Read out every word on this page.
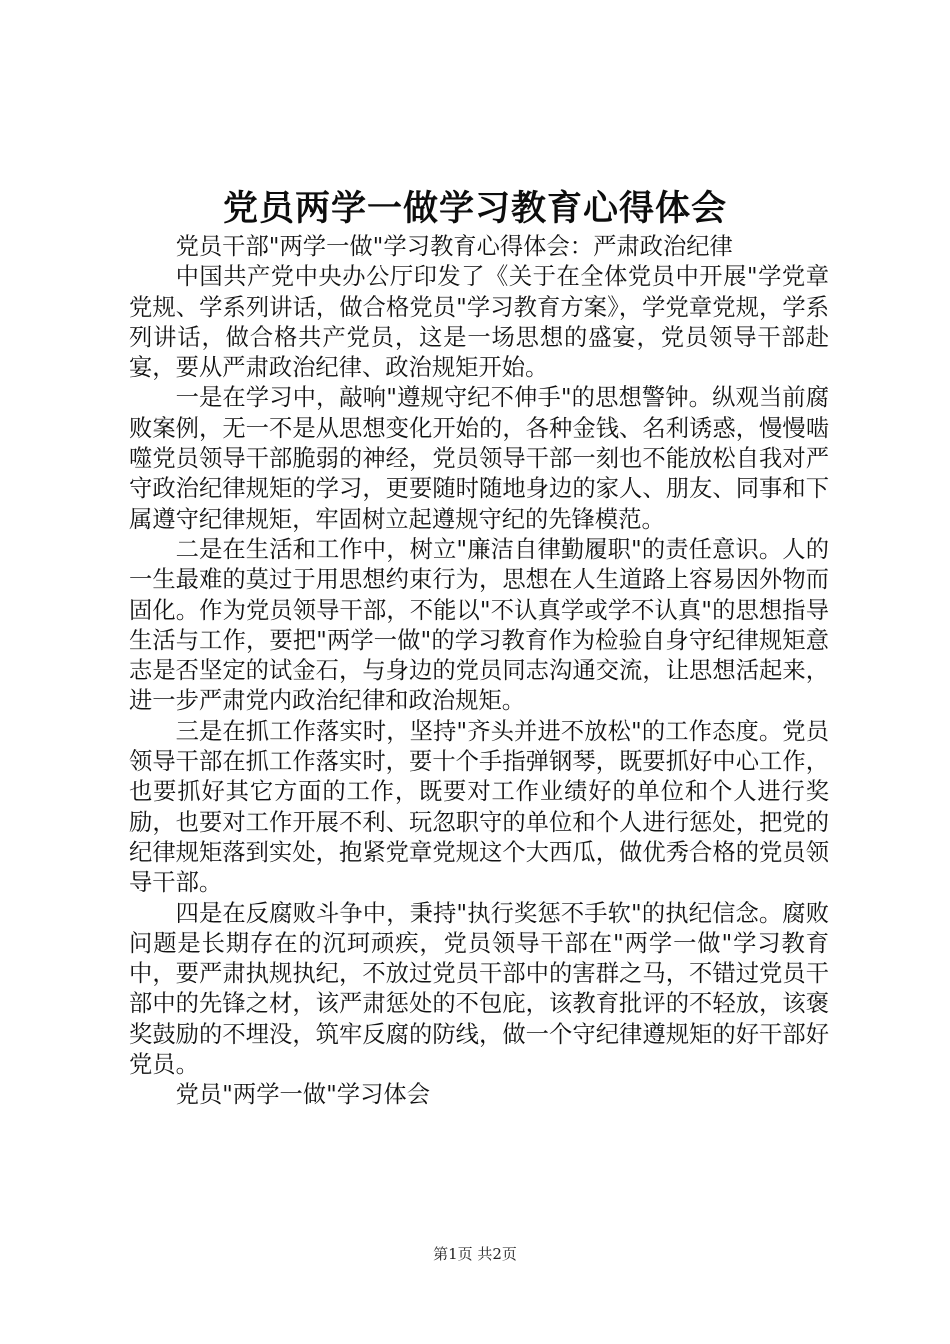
党员两学一做学习教育心得体会

党员干部"两学一做"学习教育心得体会：严肃政治纪律

中国共产党中央办公厅印发了《关于在全体党员中开展"学党章党规、学系列讲话，做合格党员"学习教育方案》，学党章党规，学系列讲话，做合格共产党员，这是一场思想的盛宴，党员领导干部赴宴，要从严肃政治纪律、政治规矩开始。

一是在学习中，敲响"遵规守纪不伸手"的思想警钟。纵观当前腐败案例，无一不是从思想变化开始的，各种金钱、名利诱惑，慢慢啮噬党员领导干部脆弱的神经，党员领导干部一刻也不能放松自我对严守政治纪律规矩的学习，更要随时随地身边的家人、朋友、同事和下属遵守纪律规矩，牢固树立起遵规守纪的先锋模范。

二是在生活和工作中，树立"廉洁自律勤履职"的责任意识。人的一生最难的莫过于用思想约束行为，思想在人生道路上容易因外物而固化。作为党员领导干部，不能以"不认真学或学不认真"的思想指导生活与工作，要把"两学一做"的学习教育作为检验自身守纪律规矩意志是否坚定的试金石，与身边的党员同志沟通交流，让思想活起来，进一步严肃党内政治纪律和政治规矩。

三是在抓工作落实时，坚持"齐头并进不放松"的工作态度。党员领导干部在抓工作落实时，要十个手指弹钢琴，既要抓好中心工作，也要抓好其它方面的工作，既要对工作业绩好的单位和个人进行奖励，也要对工作开展不利、玩忽职守的单位和个人进行惩处，把党的纪律规矩落到实处，抱紧党章党规这个大西瓜，做优秀合格的党员领导干部。

四是在反腐败斗争中，秉持"执行奖惩不手软"的执纪信念。腐败问题是长期存在的沉珂顽疾，党员领导干部在"两学一做"学习教育中，要严肃执规执纪，不放过党员干部中的害群之马，不错过党员干部中的先锋之材，该严肃惩处的不包庇，该教育批评的不轻放，该褒奖鼓励的不埋没，筑牢反腐的防线，做一个守纪律遵规矩的好干部好党员。

党员"两学一做"学习体会

第1页 共2页
